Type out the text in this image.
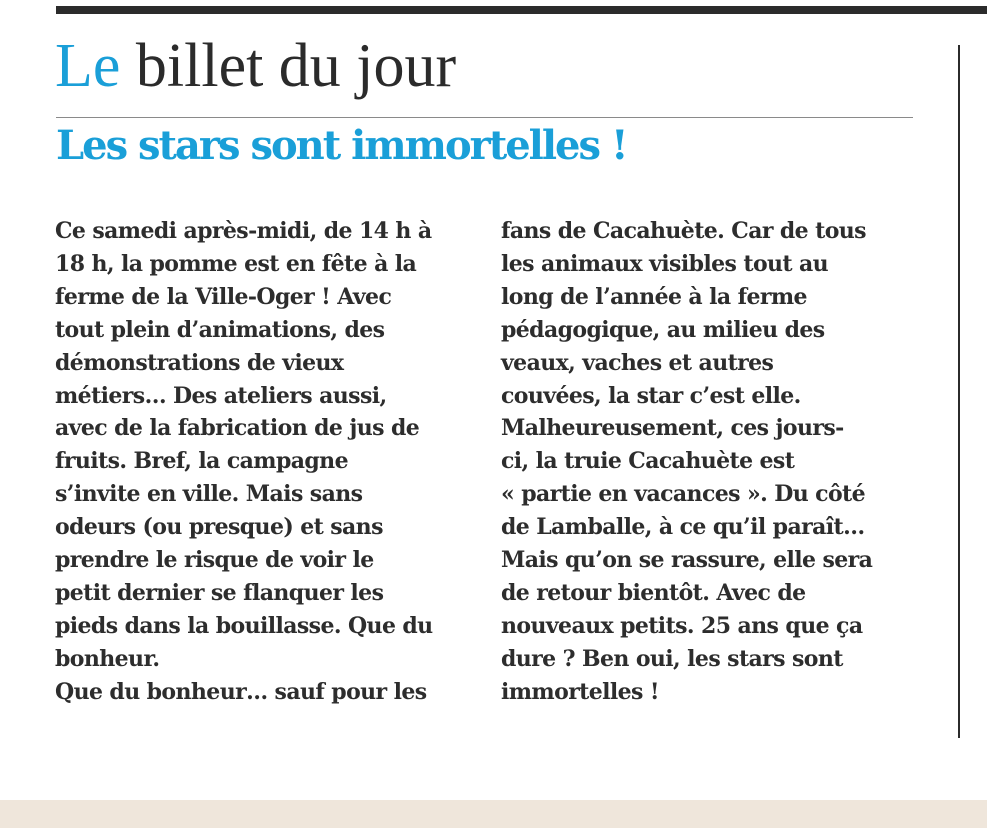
Le billet du jour
Les stars sont immortelles !
Ce samedi après-midi, de 14 h à
18 h, la pomme est en fête à la
ferme de la Ville-Oger ! Avec
tout plein d’animations, des
démonstrations de vieux
métiers… Des ateliers aussi,
avec de la fabrication de jus de
fruits. Bref, la campagne
s’invite en ville. Mais sans
odeurs (ou presque) et sans
prendre le risque de voir le
petit dernier se flanquer les
pieds dans la bouillasse. Que du
bonheur.
Que du bonheur… sauf pour les
fans de Cacahuète. Car de tous
les animaux visibles tout au
long de l’année à la ferme
pédagogique, au milieu des
veaux, vaches et autres
couvées, la star c’est elle.
Malheureusement, ces jours-
ci, la truie Cacahuète est
« partie en vacances ». Du côté
de Lamballe, à ce qu’il paraît…
Mais qu’on se rassure, elle sera
de retour bientôt. Avec de
nouveaux petits. 25 ans que ça
dure ? Ben oui, les stars sont
immortelles !
